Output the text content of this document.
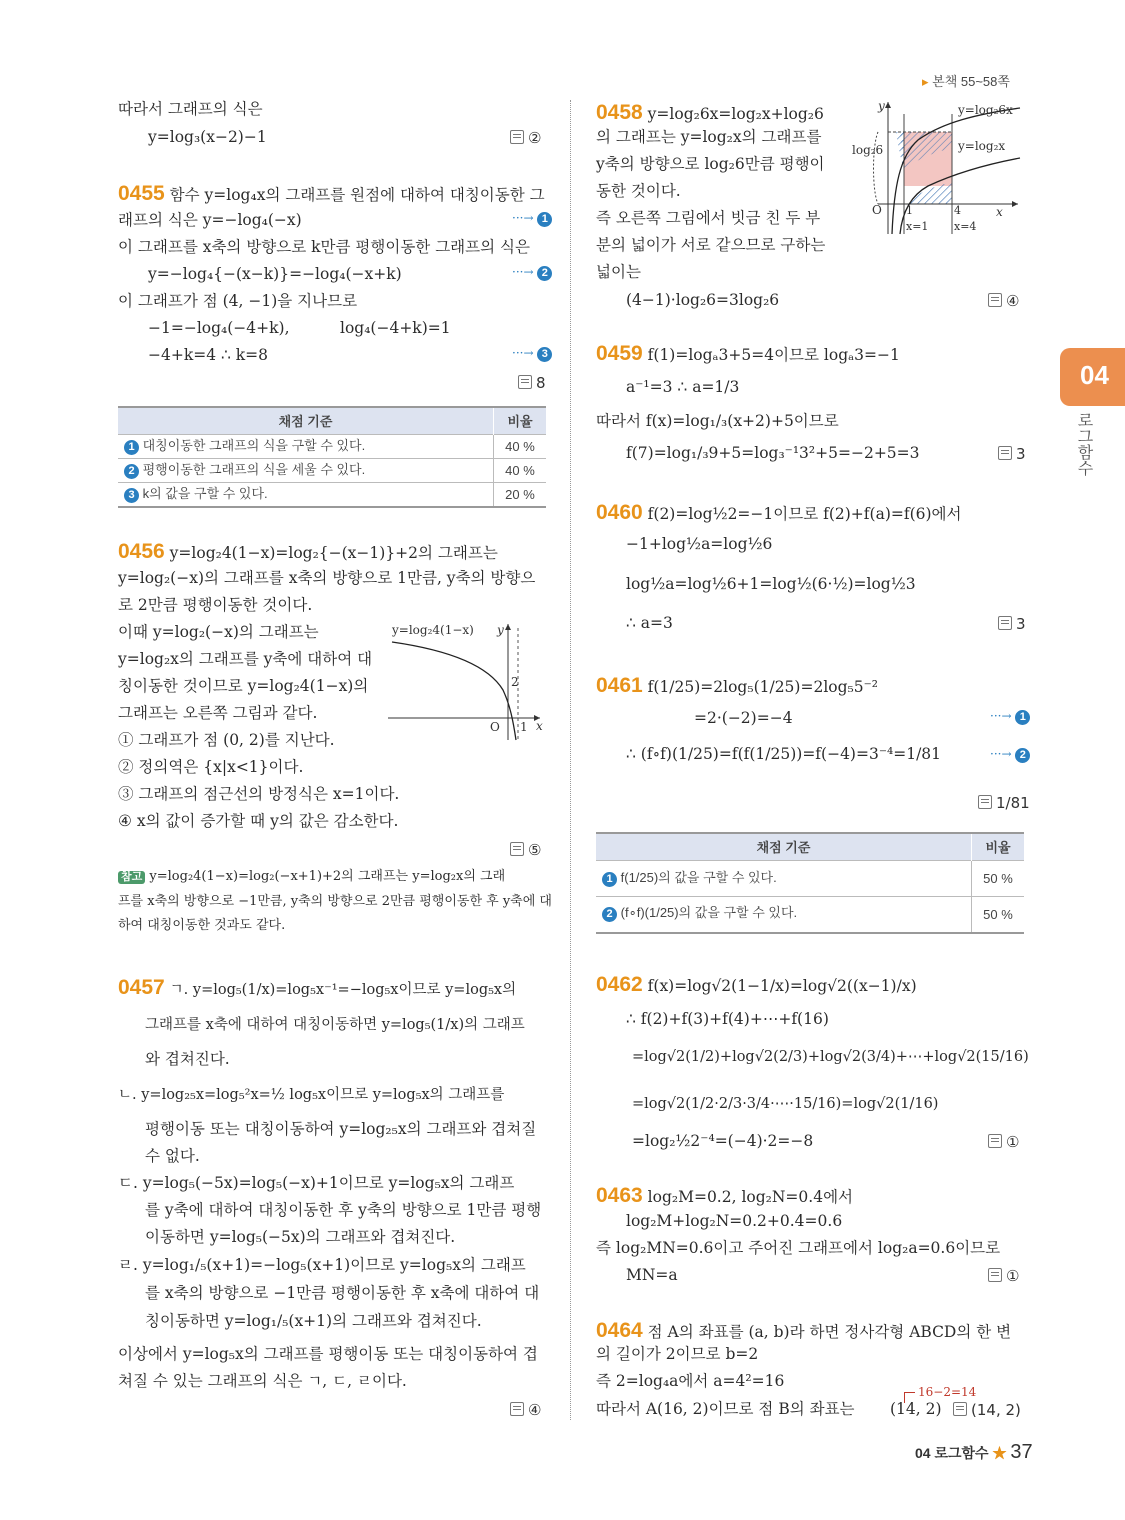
▸ 본책 55~58쪽
04
로그함수
따라서 그래프의 식은
y=log₃(x−2)−1	②
0455 함수 y=log₄x의 그래프를 원점에 대하여 대칭이동한 그
래프의 식은 y=−log₄(−x)	···→ 1
이 그래프를 x축의 방향으로 k만큼 평행이동한 그래프의 식은
y=−log₄{−(x−k)}=−log₄(−x+k)	···→ 2
이 그래프가 점 (4, −1)을 지나므로
−1=−log₄(−4+k),	log₄(−4+k)=1
−4+k=4 ∴ k=8	···→ 3
8
채점 기준	비율
1 대칭이동한 그래프의 식을 구할 수 있다.	40 %
2 평행이동한 그래프의 식을 세울 수 있다.	40 %
3 k의 값을 구할 수 있다.	20 %
0456 y=log₂4(1−x)=log₂{−(x−1)}+2의 그래프는
y=log₂(−x)의 그래프를 x축의 방향으로 1만큼, y축의 방향으
로 2만큼 평행이동한 것이다.
이때 y=log₂(−x)의 그래프는
y=log₂x의 그래프를 y축에 대하여 대
칭이동한 것이므로 y=log₂4(1−x)의
그래프는 오른쪽 그림과 같다.
y=log₂4(1−x) y
x
O 1
2
① 그래프가 점 (0, 2)를 지난다.
② 정의역은 {x|x<1}이다.
③ 그래프의 점근선의 방정식은 x=1이다.
④ x의 값이 증가할 때 y의 값은 감소한다.
⑤
참고 y=log₂4(1−x)=log₂(−x+1)+2의 그래프는 y=log₂x의 그래
프를 x축의 방향으로 −1만큼, y축의 방향으로 2만큼 평행이동한 후 y축에 대
하여 대칭이동한 것과도 같다.
0457 ㄱ. y=log₅(1/x)=log₅x⁻¹=−log₅x이므로 y=log₅x의
그래프를 x축에 대하여 대칭이동하면 y=log₅(1/x)의 그래프
와 겹쳐진다.
ㄴ. y=log₂₅x=log₅²x=½ log₅x이므로 y=log₅x의 그래프를
평행이동 또는 대칭이동하여 y=log₂₅x의 그래프와 겹쳐질
수 없다.
ㄷ. y=log₅(−5x)=log₅(−x)+1이므로 y=log₅x의 그래프
를 y축에 대하여 대칭이동한 후 y축의 방향으로 1만큼 평행
이동하면 y=log₅(−5x)의 그래프와 겹쳐진다.
ㄹ. y=log₁/₅(x+1)=−log₅(x+1)이므로 y=log₅x의 그래프
를 x축의 방향으로 −1만큼 평행이동한 후 x축에 대하여 대
칭이동하면 y=log₁/₅(x+1)의 그래프와 겹쳐진다.
이상에서 y=log₅x의 그래프를 평행이동 또는 대칭이동하여 겹
쳐질 수 있는 그래프의 식은 ㄱ, ㄷ, ㄹ이다.
④
0458 y=log₂6x=log₂x+log₂6
의 그래프는 y=log₂x의 그래프를
y축의 방향으로 log₂6만큼 평행이
동한 것이다.
즉 오른쪽 그림에서 빗금 친 두 부
분의 넓이가 서로 같으므로 구하는
넓이는
(4−1)·log₂6=3log₂6	④
y=log₂6x
y=log₂x
log₂6
y
x
O 1	4
x=1 x=4
0459 f(1)=logₐ3+5=4이므로 logₐ3=−1
a⁻¹=3 ∴ a=1/3
따라서 f(x)=log₁/₃(x+2)+5이므로
f(7)=log₁/₃9+5=log₃⁻¹3²+5=−2+5=3	3
0460 f(2)=log½2=−1이므로 f(2)+f(a)=f(6)에서
−1+log½a=log½6
log½a=log½6+1=log½(6·½)=log½3
∴ a=3	3
0461 f(1/25)=2log₅(1/25)=2log₅5⁻²
=2·(−2)=−4	···→ 1
∴ (f∘f)(1/25)=f(f(1/25))=f(−4)=3⁻⁴=1/81	···→ 2
1/81
채점 기준	비율
1 f(1/25)의 값을 구할 수 있다.	50 %
2 (f∘f)(1/25)의 값을 구할 수 있다.	50 %
0462 f(x)=log√2(1−1/x)=log√2((x−1)/x)
∴ f(2)+f(3)+f(4)+⋯+f(16)
=log√2(1/2)+log√2(2/3)+log√2(3/4)+⋯+log√2(15/16)
=log√2(1/2·2/3·3/4·⋯·15/16)=log√2(1/16)
=log₂½2⁻⁴=(−4)·2=−8	①
0463 log₂M=0.2, log₂N=0.4에서
log₂M+log₂N=0.2+0.4=0.6
즉 log₂MN=0.6이고 주어진 그래프에서 log₂a=0.6이므로
MN=a	①
0464 점 A의 좌표를 (a, b)라 하면 정사각형 ABCD의 한 변
의 길이가 2이므로 b=2
즉 2=log₄a에서 a=4²=16
따라서 A(16, 2)이므로 점 B의 좌표는
16−2=14
(14, 2)	(14, 2)
04 로그함수 ★ 37
